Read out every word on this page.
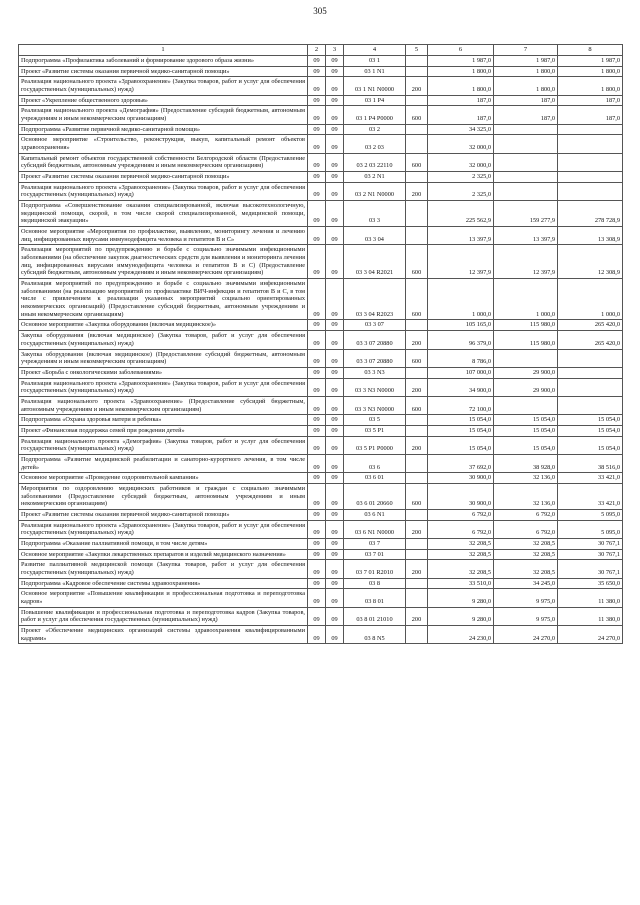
305
1	2	3	4	5	6	7	8
Подпрограмма «Профилактика заболеваний и формирование здорового образа жизни»	09	09	03 1		1 987,0	1 987,0	1 987,0
Проект «Развитие системы оказания первичной медико-санитарной помощи»	09	09	03 1 N1		1 800,0	1 800,0	1 800,0
Реализация национального проекта «Здравоохранение» (Закупка товаров, работ и услуг для обеспечения государственных (муниципальных) нужд)	09	09	03 1 N1 N0000	200	1 800,0	1 800,0	1 800,0
Проект «Укрепление общественного здоровья»	09	09	03 1 P4		187,0	187,0	187,0
Реализация национального проекта «Демография» (Предоставление субсидий бюджетным, автономным учреждениям и иным некоммерческим организациям)	09	09	03 1 P4 P0000	600	187,0	187,0	187,0
Подпрограмма «Развитие первичной медико-санитарной помощи»	09	09	03 2		34 325,0		
Основное мероприятие «Строительство, реконструкция, выкуп, капитальный ремонт объектов здравоохранения»	09	09	03 2 03		32 000,0		
Капитальный ремонт объектов государственной собственности Белгородской области (Предоставление субсидий бюджетным, автономным учреждениям и иным некоммерческим организациям)	09	09	03 2 03 22110	600	32 000,0		
Проект «Развитие системы оказания первичной медико-санитарной помощи»	09	09	03 2 N1		2 325,0		
Реализация национального проекта «Здравоохранение» (Закупка товаров, работ и услуг для обеспечения государственных (муниципальных) нужд)	09	09	03 2 N1 N0000	200	2 325,0		
Подпрограмма «Совершенствование оказания специализированной, включая высокотехнологичную, медицинской помощи, скорой, в том числе скорой специализированной, медицинской помощи, медицинской эвакуации»	09	09	03 3		225 562,9	159 277,9	278 728,9
Основное мероприятие «Мероприятия по профилактике, выявлению, мониторингу лечения и лечению лиц, инфицированных вирусами иммунодефицита человека и гепатитов В и С»	09	09	03 3 04		13 397,9	13 397,9	13 308,9
Реализация мероприятий по предупреждению и борьбе с социально значимыми инфекционными заболеваниями (на обеспечение закупок диагностических средств для выявления и мониторинга лечения лиц, инфицированных вирусами иммунодефицита человека и гепатитов В и С) (Предоставление субсидий бюджетным, автономным учреждениям и иным некоммерческим организациям)	09	09	03 3 04 R2021	600	12 397,9	12 397,9	12 308,9
Реализация мероприятий по предупреждению и борьбе с социально значимыми инфекционными заболеваниями (на реализацию мероприятий по профилактике ВИЧ-инфекции и гепатитов В и С, в том числе с привлечением к реализации указанных мероприятий социально ориентированных некоммерческих организаций) (Предоставление субсидий бюджетным, автономным учреждениям и иным некоммерческим организациям)	09	09	03 3 04 R2023	600	1 000,0	1 000,0	1 000,0
Основное мероприятие «Закупка оборудования (включая медицинское)»	09	09	03 3 07		105 165,0	115 980,0	265 420,0
Закупка оборудования (включая медицинское) (Закупка товаров, работ и услуг для обеспечения государственных (муниципальных) нужд)	09	09	03 3 07 20880	200	96 379,0	115 980,0	265 420,0
Закупка оборудования (включая медицинское) (Предоставление субсидий бюджетным, автономным учреждениям и иным некоммерческим организациям)	09	09	03 3 07 20880	600	8 786,0		
Проект «Борьба с онкологическими заболеваниями»	09	09	03 3 N3		107 000,0	29 900,0	
Реализация национального проекта «Здравоохранение» (Закупка товаров, работ и услуг для обеспечения государственных (муниципальных) нужд)	09	09	03 3 N3 N0000	200	34 900,0	29 900,0	
Реализация национального проекта «Здравоохранение» (Предоставление субсидий бюджетным, автономным учреждениям и иным некоммерческим организациям)	09	09	03 3 N3 N0000	600	72 100,0		
Подпрограмма «Охрана здоровья матери и ребенка»	09	09	03 5		15 054,0	15 054,0	15 054,0
Проект «Финансовая поддержка семей при рождении детей»	09	09	03 5 P1		15 054,0	15 054,0	15 054,0
Реализация национального проекта «Демография» (Закупка товаров, работ и услуг для обеспечения государственных (муниципальных) нужд)	09	09	03 5 P1 P0000	200	15 054,0	15 054,0	15 054,0
Подпрограмма «Развитие медицинской реабилитации и санаторно-курортного лечения, в том числе детей»	09	09	03 6		37 692,0	38 928,0	38 516,0
Основное мероприятие «Проведение оздоровительной кампании»	09	09	03 6 01		30 900,0	32 136,0	33 421,0
Мероприятия по оздоровлению медицинских работников и граждан с социально значимыми заболеваниями (Предоставление субсидий бюджетным, автономным учреждениям и иным некоммерческим организациям)	09	09	03 6 01 20660	600	30 900,0	32 136,0	33 421,0
Проект «Развитие системы оказания первичной медико-санитарной помощи»	09	09	03 6 N1		6 792,0	6 792,0	5 095,0
Реализация национального проекта «Здравоохранение» (Закупка товаров, работ и услуг для обеспечения государственных (муниципальных) нужд)	09	09	03 6 N1 N0000	200	6 792,0	6 792,0	5 095,0
Подпрограмма «Оказание паллиативной помощи, в том числе детям»	09	09	03 7		32 208,5	32 208,5	30 767,1
Основное мероприятие «Закупки лекарственных препаратов и изделий медицинского назначения»	09	09	03 7 01		32 208,5	32 208,5	30 767,1
Развитие паллиативной медицинской помощи (Закупка товаров, работ и услуг для обеспечения государственных (муниципальных) нужд)	09	09	03 7 01 R2010	200	32 208,5	32 208,5	30 767,1
Подпрограмма «Кадровое обеспечение системы здравоохранения»	09	09	03 8		33 510,0	34 245,0	35 650,0
Основное мероприятие «Повышение квалификации и профессиональная подготовка и переподготовка кадров»	09	09	03 8 01		9 280,0	9 975,0	11 380,0
Повышение квалификации и профессиональная подготовка и переподготовка кадров (Закупка товаров, работ и услуг для обеспечения государственных (муниципальных) нужд)	09	09	03 8 01 21010	200	9 280,0	9 975,0	11 380,0
Проект «Обеспечение медицинских организаций системы здравоохранения квалифицированными кадрами»	09	09	03 8 N5		24 230,0	24 270,0	24 270,0
